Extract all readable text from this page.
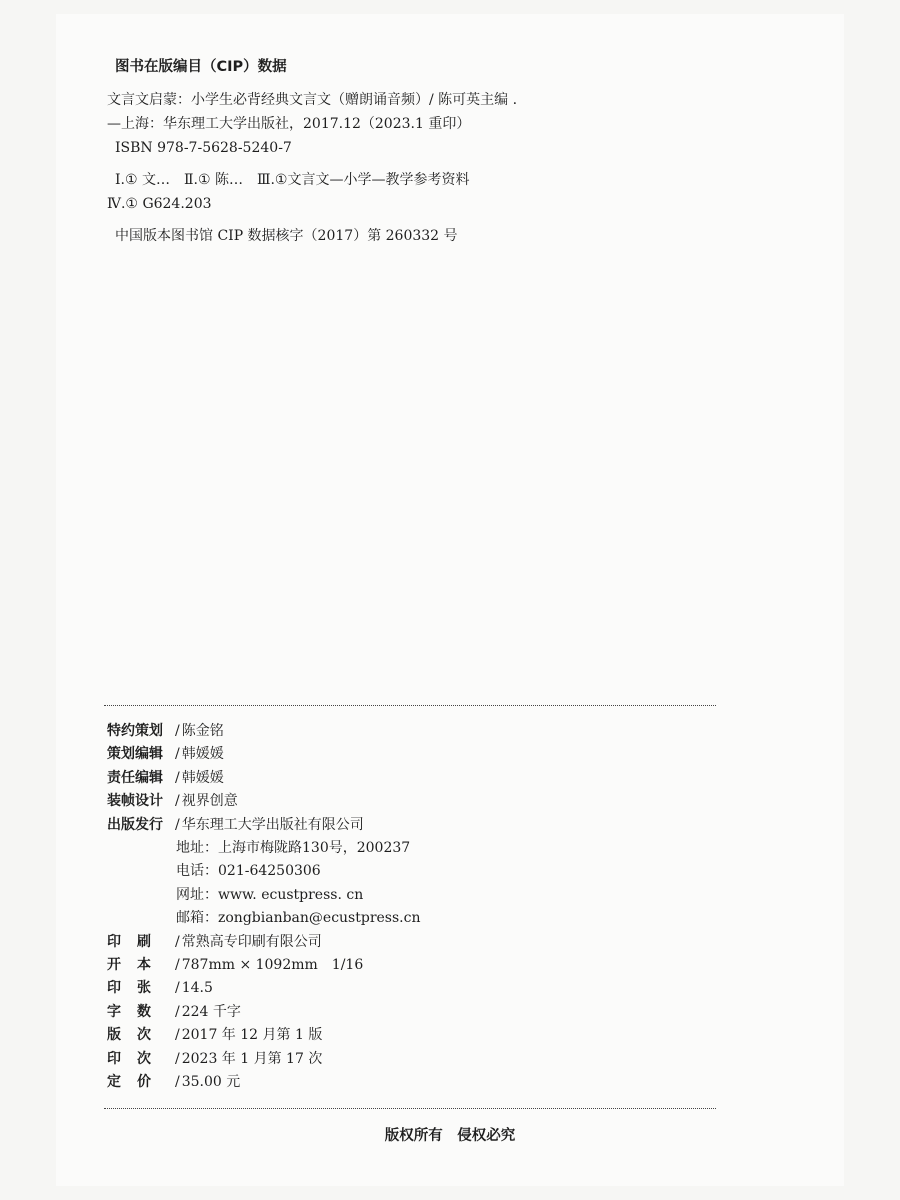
图书在版编目（CIP）数据
文言文启蒙：小学生必背经典文言文（赠朗诵音频）/ 陈可英主编 .
—上海：华东理工大学出版社，2017.12（2023.1 重印）
ISBN 978-7-5628-5240-7
Ⅰ.① 文…　Ⅱ.① 陈…　Ⅲ.①文言文—小学—教学参考资料
Ⅳ.① G624.203
中国版本图书馆 CIP 数据核字（2017）第 260332 号
特约策划 / 陈金铭
策划编辑 / 韩媛媛
责任编辑 / 韩媛媛
装帧设计 / 视界创意
出版发行 / 华东理工大学出版社有限公司
地址：上海市梅陇路130号，200237
电话：021-64250306
网址：www. ecustpress. cn
邮箱：zongbianban@ecustpress.cn
印 刷 / 常熟高专印刷有限公司
开 本 / 787mm × 1092mm　1/16
印 张 / 14.5
字 数 / 224 千字
版 次 / 2017 年 12 月第 1 版
印 次 / 2023 年 1 月第 17 次
定 价 / 35.00 元
版权所有　侵权必究
